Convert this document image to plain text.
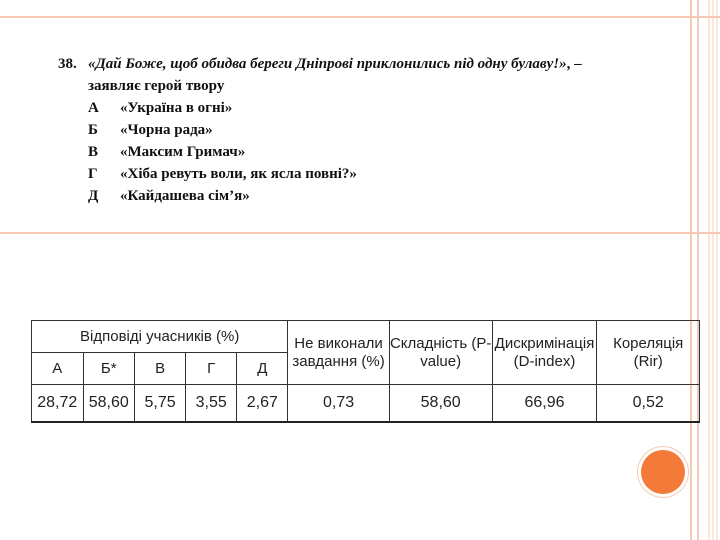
38. «Дай Боже, щоб обидва береги Дніпрові приклонились під одну булаву!», –
заявляє герой твору
А	«Україна в огні»
Б	«Чорна рада»
В	«Максим Гримач»
Г	«Хіба ревуть воли, як ясла повні?»
Д	«Кайдашева сім’я»
Відповіді учасників (%)					Не виконали завдання (%)	Складність (P-value)	Дискримінація (D-index)	Кореляція (Rir)
А	Б*	В	Г	Д				
28,72	58,60	5,75	3,55	2,67	0,73	58,60	66,96	0,52
